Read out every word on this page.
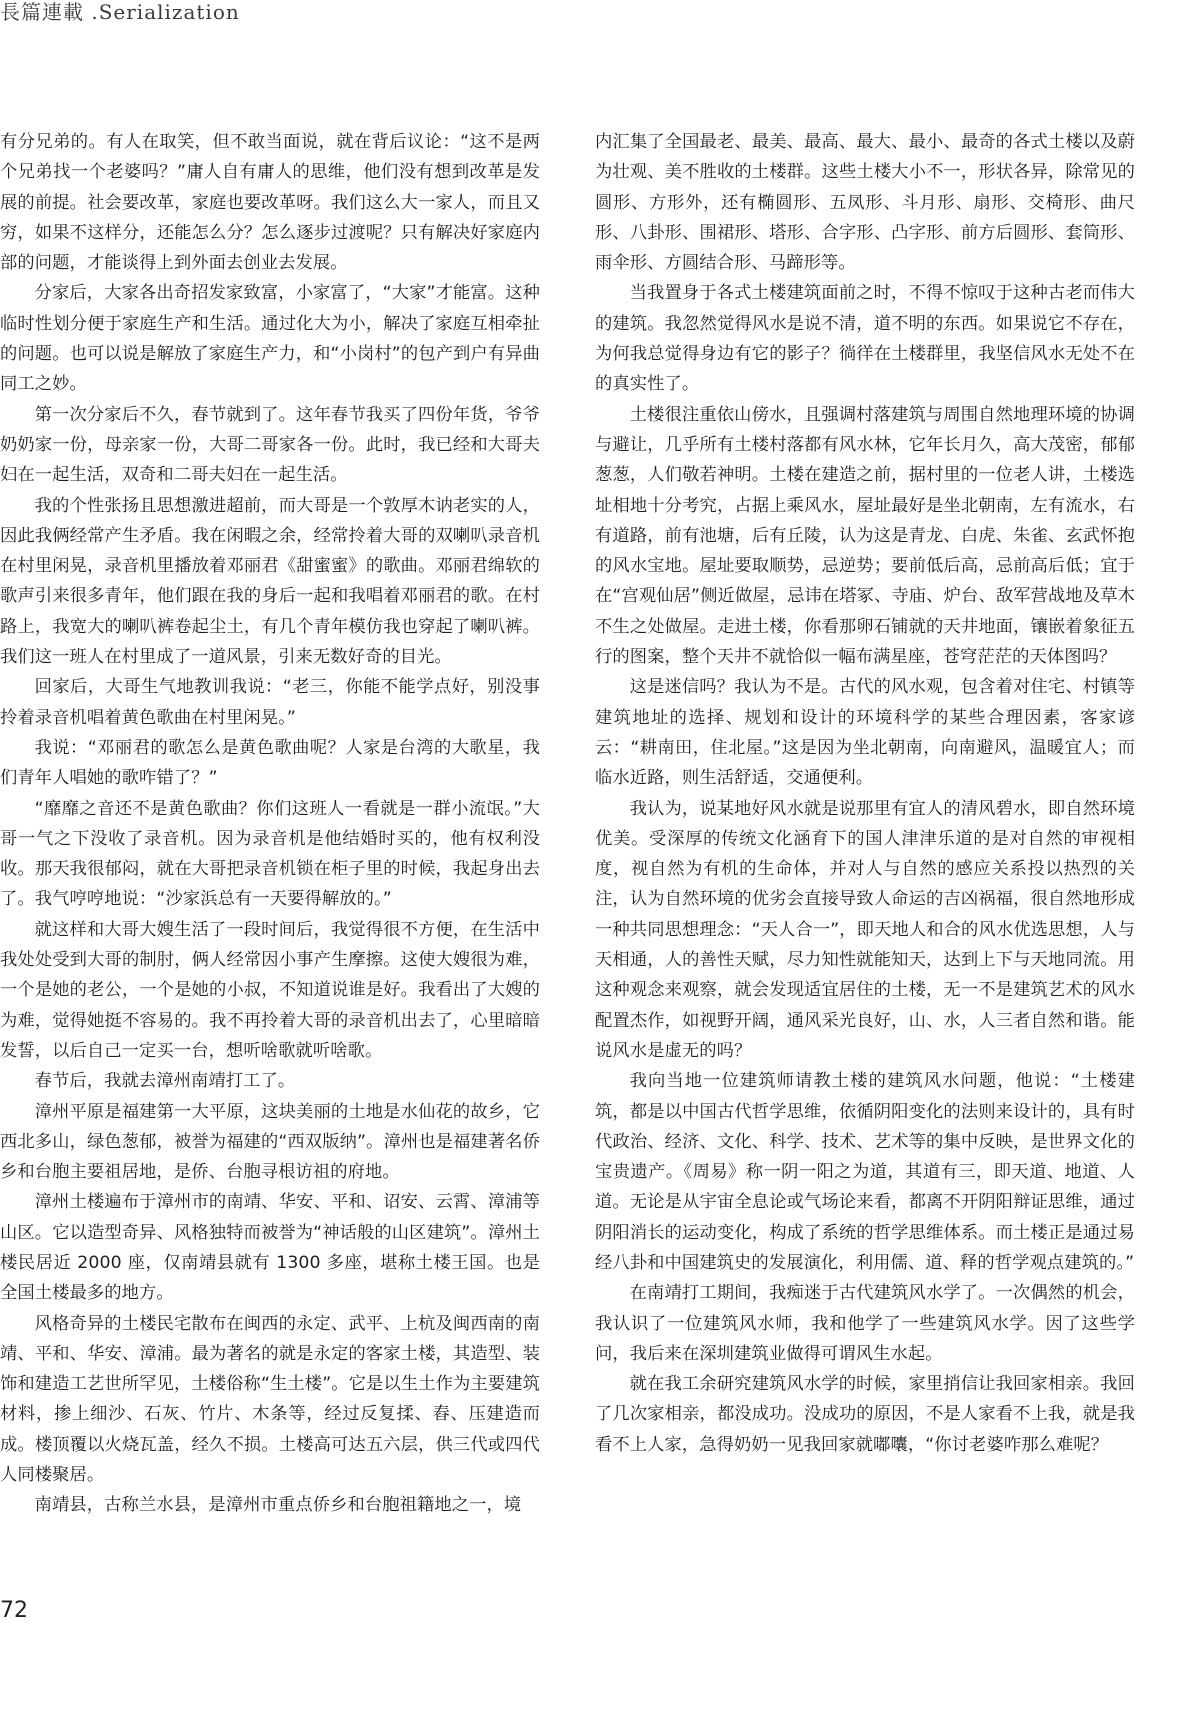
長篇連載 .Serialization

有分兄弟的。有人在取笑，但不敢当面说，就在背后议论：“这不是两个兄弟找一个老婆吗？”庸人自有庸人的思维，他们没有想到改革是发展的前提。社会要改革，家庭也要改革呀。我们这么大一家人，而且又穷，如果不这样分，还能怎么分？怎么逐步过渡呢？只有解决好家庭内部的问题，才能谈得上到外面去创业去发展。

分家后，大家各出奇招发家致富，小家富了，“大家”才能富。这种临时性划分便于家庭生产和生活。通过化大为小，解决了家庭互相牵扯的问题。也可以说是解放了家庭生产力，和“小岗村”的包产到户有异曲同工之妙。

第一次分家后不久，春节就到了。这年春节我买了四份年货，爷爷奶奶家一份，母亲家一份，大哥二哥家各一份。此时，我已经和大哥夫妇在一起生活，双奇和二哥夫妇在一起生活。

我的个性张扬且思想激进超前，而大哥是一个敦厚木讷老实的人，因此我俩经常产生矛盾。我在闲暇之余，经常拎着大哥的双喇叭录音机在村里闲晃，录音机里播放着邓丽君《甜蜜蜜》的歌曲。邓丽君绵软的歌声引来很多青年，他们跟在我的身后一起和我唱着邓丽君的歌。在村路上，我宽大的喇叭裤卷起尘土，有几个青年模仿我也穿起了喇叭裤。我们这一班人在村里成了一道风景，引来无数好奇的目光。

回家后，大哥生气地教训我说：“老三，你能不能学点好，别没事拎着录音机唱着黄色歌曲在村里闲晃。”

我说：“邓丽君的歌怎么是黄色歌曲呢？人家是台湾的大歌星，我们青年人唱她的歌咋错了？”

“靡靡之音还不是黄色歌曲？你们这班人一看就是一群小流氓。”大哥一气之下没收了录音机。因为录音机是他结婚时买的，他有权利没收。那天我很郁闷，就在大哥把录音机锁在柜子里的时候，我起身出去了。我气哼哼地说：“沙家浜总有一天要得解放的。”

就这样和大哥大嫂生活了一段时间后，我觉得很不方便，在生活中我处处受到大哥的制肘，俩人经常因小事产生摩擦。这使大嫂很为难，一个是她的老公，一个是她的小叔，不知道说谁是好。我看出了大嫂的为难，觉得她挺不容易的。我不再拎着大哥的录音机出去了，心里暗暗发誓，以后自己一定买一台，想听啥歌就听啥歌。

春节后，我就去漳州南靖打工了。

漳州平原是福建第一大平原，这块美丽的土地是水仙花的故乡，它西北多山，绿色葱郁，被誉为福建的“西双版纳”。漳州也是福建著名侨乡和台胞主要祖居地，是侨、台胞寻根访祖的府地。

漳州土楼遍布于漳州市的南靖、华安、平和、诏安、云霄、漳浦等山区。它以造型奇异、风格独特而被誉为“神话般的山区建筑”。漳州土楼民居近 2000 座，仅南靖县就有 1300 多座，堪称土楼王国。也是全国土楼最多的地方。

风格奇异的土楼民宅散布在闽西的永定、武平、上杭及闽西南的南靖、平和、华安、漳浦。最为著名的就是永定的客家土楼，其造型、装饰和建造工艺世所罕见，土楼俗称“生土楼”。它是以生土作为主要建筑材料，掺上细沙、石灰、竹片、木条等，经过反复揉、舂、压建造而成。楼顶覆以火烧瓦盖，经久不损。土楼高可达五六层，供三代或四代人同楼聚居。

南靖县，古称兰水县，是漳州市重点侨乡和台胞祖籍地之一，境

内汇集了全国最老、最美、最高、最大、最小、最奇的各式土楼以及蔚为壮观、美不胜收的土楼群。这些土楼大小不一，形状各异，除常见的圆形、方形外，还有椭圆形、五凤形、斗月形、扇形、交椅形、曲尺形、八卦形、围裙形、塔形、合字形、凸字形、前方后圆形、套筒形、雨伞形、方圆结合形、马蹄形等。

当我置身于各式土楼建筑面前之时，不得不惊叹于这种古老而伟大的建筑。我忽然觉得风水是说不清，道不明的东西。如果说它不存在，为何我总觉得身边有它的影子？徜徉在土楼群里，我坚信风水无处不在的真实性了。

土楼很注重依山傍水，且强调村落建筑与周围自然地理环境的协调与避让，几乎所有土楼村落都有风水林，它年长月久，高大茂密，郁郁葱葱，人们敬若神明。土楼在建造之前，据村里的一位老人讲，土楼选址相地十分考究，占据上乘风水，屋址最好是坐北朝南，左有流水，右有道路，前有池塘，后有丘陵，认为这是青龙、白虎、朱雀、玄武怀抱的风水宝地。屋址要取顺势，忌逆势；要前低后高，忌前高后低；宜于在“宫观仙居”侧近做屋，忌讳在塔冢、寺庙、炉台、敌军营战地及草木不生之处做屋。走进土楼，你看那卵石铺就的天井地面，镶嵌着象征五行的图案，整个天井不就恰似一幅布满星座，苍穹茫茫的天体图吗？

这是迷信吗？我认为不是。古代的风水观，包含着对住宅、村镇等建筑地址的选择、规划和设计的环境科学的某些合理因素，客家谚云：“耕南田，住北屋。”这是因为坐北朝南，向南避风，温暖宜人；而临水近路，则生活舒适，交通便利。

我认为，说某地好风水就是说那里有宜人的清风碧水，即自然环境优美。受深厚的传统文化涵育下的国人津津乐道的是对自然的审视相度，视自然为有机的生命体，并对人与自然的感应关系投以热烈的关注，认为自然环境的优劣会直接导致人命运的吉凶祸福，很自然地形成一种共同思想理念：“天人合一”，即天地人和合的风水优选思想，人与天相通，人的善性天赋，尽力知性就能知天，达到上下与天地同流。用这种观念来观察，就会发现适宜居住的土楼，无一不是建筑艺术的风水配置杰作，如视野开阔，通风采光良好，山、水，人三者自然和谐。能说风水是虚无的吗？

我向当地一位建筑师请教土楼的建筑风水问题，他说：“土楼建筑，都是以中国古代哲学思维，依循阴阳变化的法则来设计的，具有时代政治、经济、文化、科学、技术、艺术等的集中反映，是世界文化的宝贵遗产。《周易》称一阴一阳之为道，其道有三，即天道、地道、人道。无论是从宇宙全息论或气场论来看，都离不开阴阳辩证思维，通过阴阳消长的运动变化，构成了系统的哲学思维体系。而土楼正是通过易经八卦和中国建筑史的发展演化，利用儒、道、释的哲学观点建筑的。”

在南靖打工期间，我痴迷于古代建筑风水学了。一次偶然的机会，我认识了一位建筑风水师，我和他学了一些建筑风水学。因了这些学问，我后来在深圳建筑业做得可谓风生水起。

就在我工余研究建筑风水学的时候，家里捎信让我回家相亲。我回了几次家相亲，都没成功。没成功的原因，不是人家看不上我，就是我看不上人家，急得奶奶一见我回家就嘟囔，“你讨老婆咋那么难呢？

72
